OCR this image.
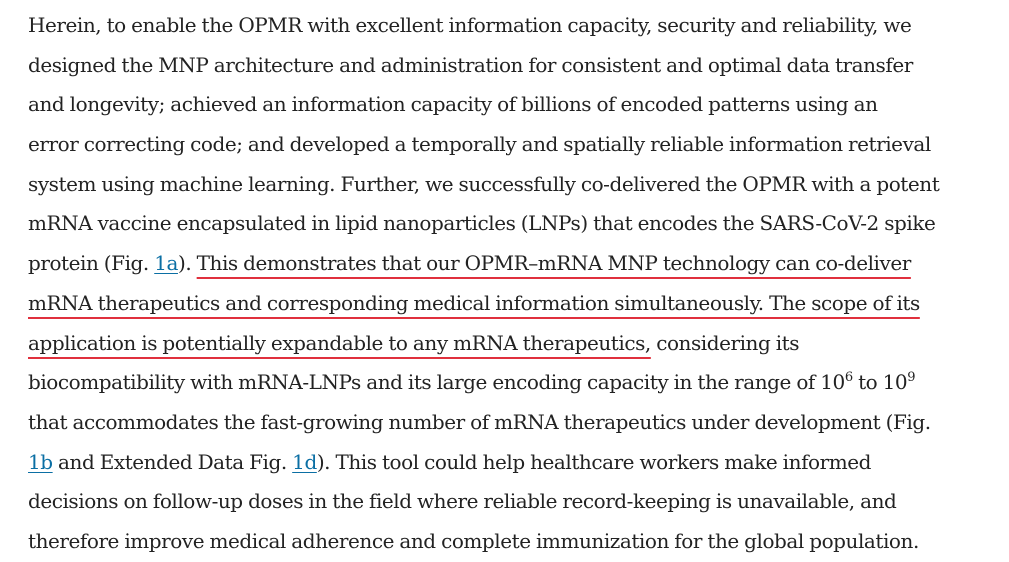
Herein, to enable the OPMR with excellent information capacity, security and reliability, we
designed the MNP architecture and administration for consistent and optimal data transfer
and longevity; achieved an information capacity of billions of encoded patterns using an
error correcting code; and developed a temporally and spatially reliable information retrieval
system using machine learning. Further, we successfully co-delivered the OPMR with a potent
mRNA vaccine encapsulated in lipid nanoparticles (LNPs) that encodes the SARS-CoV-2 spike
protein (Fig. 1a). This demonstrates that our OPMR–mRNA MNP technology can co-deliver
mRNA therapeutics and corresponding medical information simultaneously. The scope of its
application is potentially expandable to any mRNA therapeutics, considering its
biocompatibility with mRNA-LNPs and its large encoding capacity in the range of $10^6$ to $10^9$
that accommodates the fast-growing number of mRNA therapeutics under development (Fig.
1b and Extended Data Fig. 1d). This tool could help healthcare workers make informed
decisions on follow-up doses in the field where reliable record-keeping is unavailable, and
therefore improve medical adherence and complete immunization for the global population.
